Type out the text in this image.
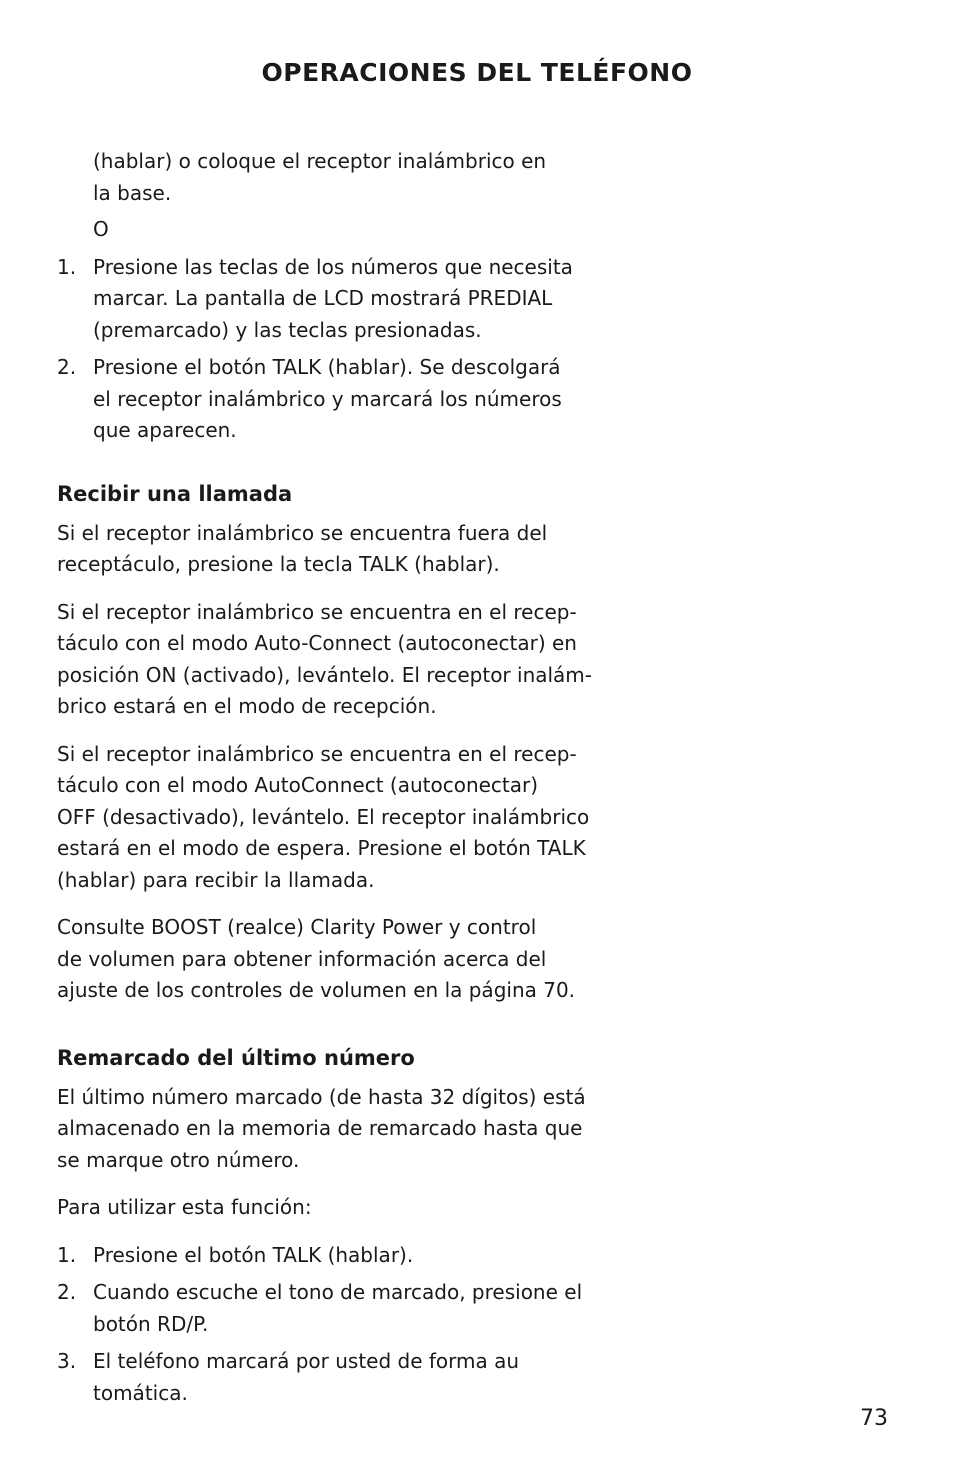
OPERACIONES DEL TELÉFONO

(hablar) o coloque el receptor inalámbrico en
la base.

O

1. Presione las teclas de los números que necesita
marcar. La pantalla de LCD mostrará PREDIAL
(premarcado) y las teclas presionadas.
2. Presione el botón TALK (hablar). Se descolgará
el receptor inalámbrico y marcará los números
que aparecen.
Recibir una llamada

Si el receptor inalámbrico se encuentra fuera del
receptáculo, presione la tecla TALK (hablar).

Si el receptor inalámbrico se encuentra en el recep-
táculo con el modo Auto-Connect (autoconectar) en
posición ON (activado), levántelo. El receptor inalám-
brico estará en el modo de recepción.

Si el receptor inalámbrico se encuentra en el recep-
táculo con el modo AutoConnect (autoconectar)
OFF (desactivado), levántelo. El receptor inalámbrico
estará en el modo de espera. Presione el botón TALK
(hablar) para recibir la llamada.

Consulte BOOST (realce) Clarity Power y control
de volumen para obtener información acerca del
ajuste de los controles de volumen en la página 70.

Remarcado del último número

El último número marcado (de hasta 32 dígitos) está
almacenado en la memoria de remarcado hasta que
se marque otro número.

Para utilizar esta función:

1. Presione el botón TALK (hablar).
2. Cuando escuche el tono de marcado, presione el
botón RD/P.
3. El teléfono marcará por usted de forma au
tomática.
73
